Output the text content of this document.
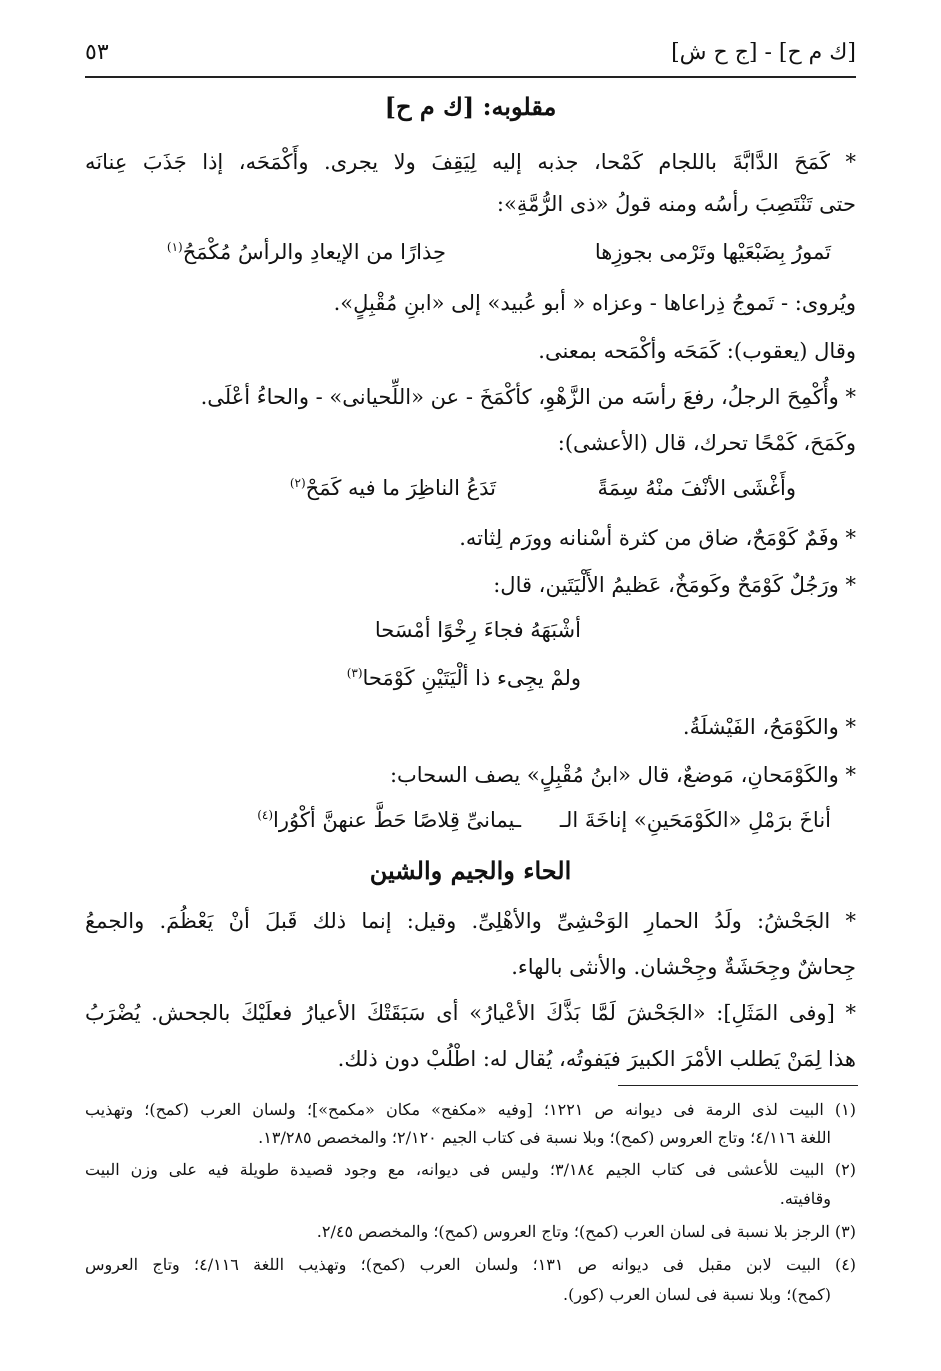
[ك م ح] - [ج ح ش]
٥٣
مقلوبه: [ك م ح]
* كَمَحَ الدَّابَّةَ باللجام كَمْحا، جذبه إليه لِيَقِفَ ولا يجرى. وأَكْمَحَه، إذا جَذَبَ عِنانَه
حتى تَنْتَصِبَ رأسُه ومنه قولُ «ذى الرُّمَّةِ»:
تَمورُ بِضَبْعَيْها وتَرْمى بجوزِها
حِذارًا من الإيعادِ والرأسُ مُكْمَحُ$^{(١)}$
ويُروى: - تَموجُ ذِراعاها - وعزاه « أبو عُبيد» إلى «ابنِ مُقْبِلٍ».
وقال (يعقوب): كَمَحَه وأكْمَحه بمعنى.
* وأُكْمِحَ الرجلُ، رفعَ رأسَه من الزَّهْوِ، كأكْمَخَ - عن «اللِّحيانى» - والحاءُ أعْلَى.
وكَمَحَ، كَمْحًا تحرك، قال (الأعشى):
وأَغْشَى الأنْفَ منْهُ سِمَةً
تَدَعُ الناظِرَ ما فيه كَمَحْ$^{(٢)}$
* وفَمٌ كَوْمَحٌ، ضاق من كثرة أسْنانه وورَم لِثاته.
* ورَجُلٌ كَوْمَحٌ وكَومَخٌ، عَظيمُ الأَلْيَتَين، قال:
أشْبَهَهُ فجاءَ رِخْوًا أمْسَحا
ولمْ يجِىء ذا ألْيَتَيْنِ كَوْمَحا$^{(٣)}$
* والكَوْمَحُ، الفَيْشلَةُ.
* والكَوْمَحانِ، مَوضعٌ، قال «ابنُ مُقْبِلٍ» يصف السحاب:
أناخَ برَمْلِ «الكَوْمَحَينِ» إناخَةَ الـ
ـيمانىِّ قِلاصًا حَطَّ عنهنَّ أكْوُرا$^{(٤)}$
الحاء والجيم والشين
* الجَحْشُ: ولَدُ الحمارِ الوَحْشِىِّ والأهْلِىِّ. وقيل: إنما ذلك قَبلَ أنْ يَعْظُمَ. والجمعُ
جِحاشٌ وجِحَشَةٌ وجِحْشان. والأنثى بالهاء.
* [وفى المَثَلِ]: «الجَحْشَ لَمَّا بَذَّكَ الأعْيارُ» أى سَبَقَتْكَ الأعيارُ فعلَيْكَ بالجحش. يُضْرَبُ
هذا لِمَنْ يَطلب الأمْرَ الكبيرَ فيَفوتُه، يُقال له: اطْلُبْ دون ذلك.
(١) البيت لذى الرمة فى ديوانه ص ١٢٢١؛ [وفيه «مكفح» مكان «مكمح»]؛ ولسان العرب (كمح)؛ وتهذيب
اللغة ٤/١١٦؛ وتاج العروس (كمح)؛ وبلا نسبة فى كتاب الجيم ٢/١٢٠؛ والمخصص ١٣/٢٨٥.
(٢) البيت للأعشى فى كتاب الجيم ٣/١٨٤؛ وليس فى ديوانه، مع وجود قصيدة طويلة فيه على وزن البيت
وقافيته.
(٣) الرجز بلا نسبة فى لسان العرب (كمح)؛ وتاج العروس (كمح)؛ والمخصص ٢/٤٥.
(٤) البيت لابن مقبل فى ديوانه ص ١٣١؛ ولسان العرب (كمح)؛ وتهذيب اللغة ٤/١١٦؛ وتاج العروس
(كمح)؛ وبلا نسبة فى لسان العرب (كور).
